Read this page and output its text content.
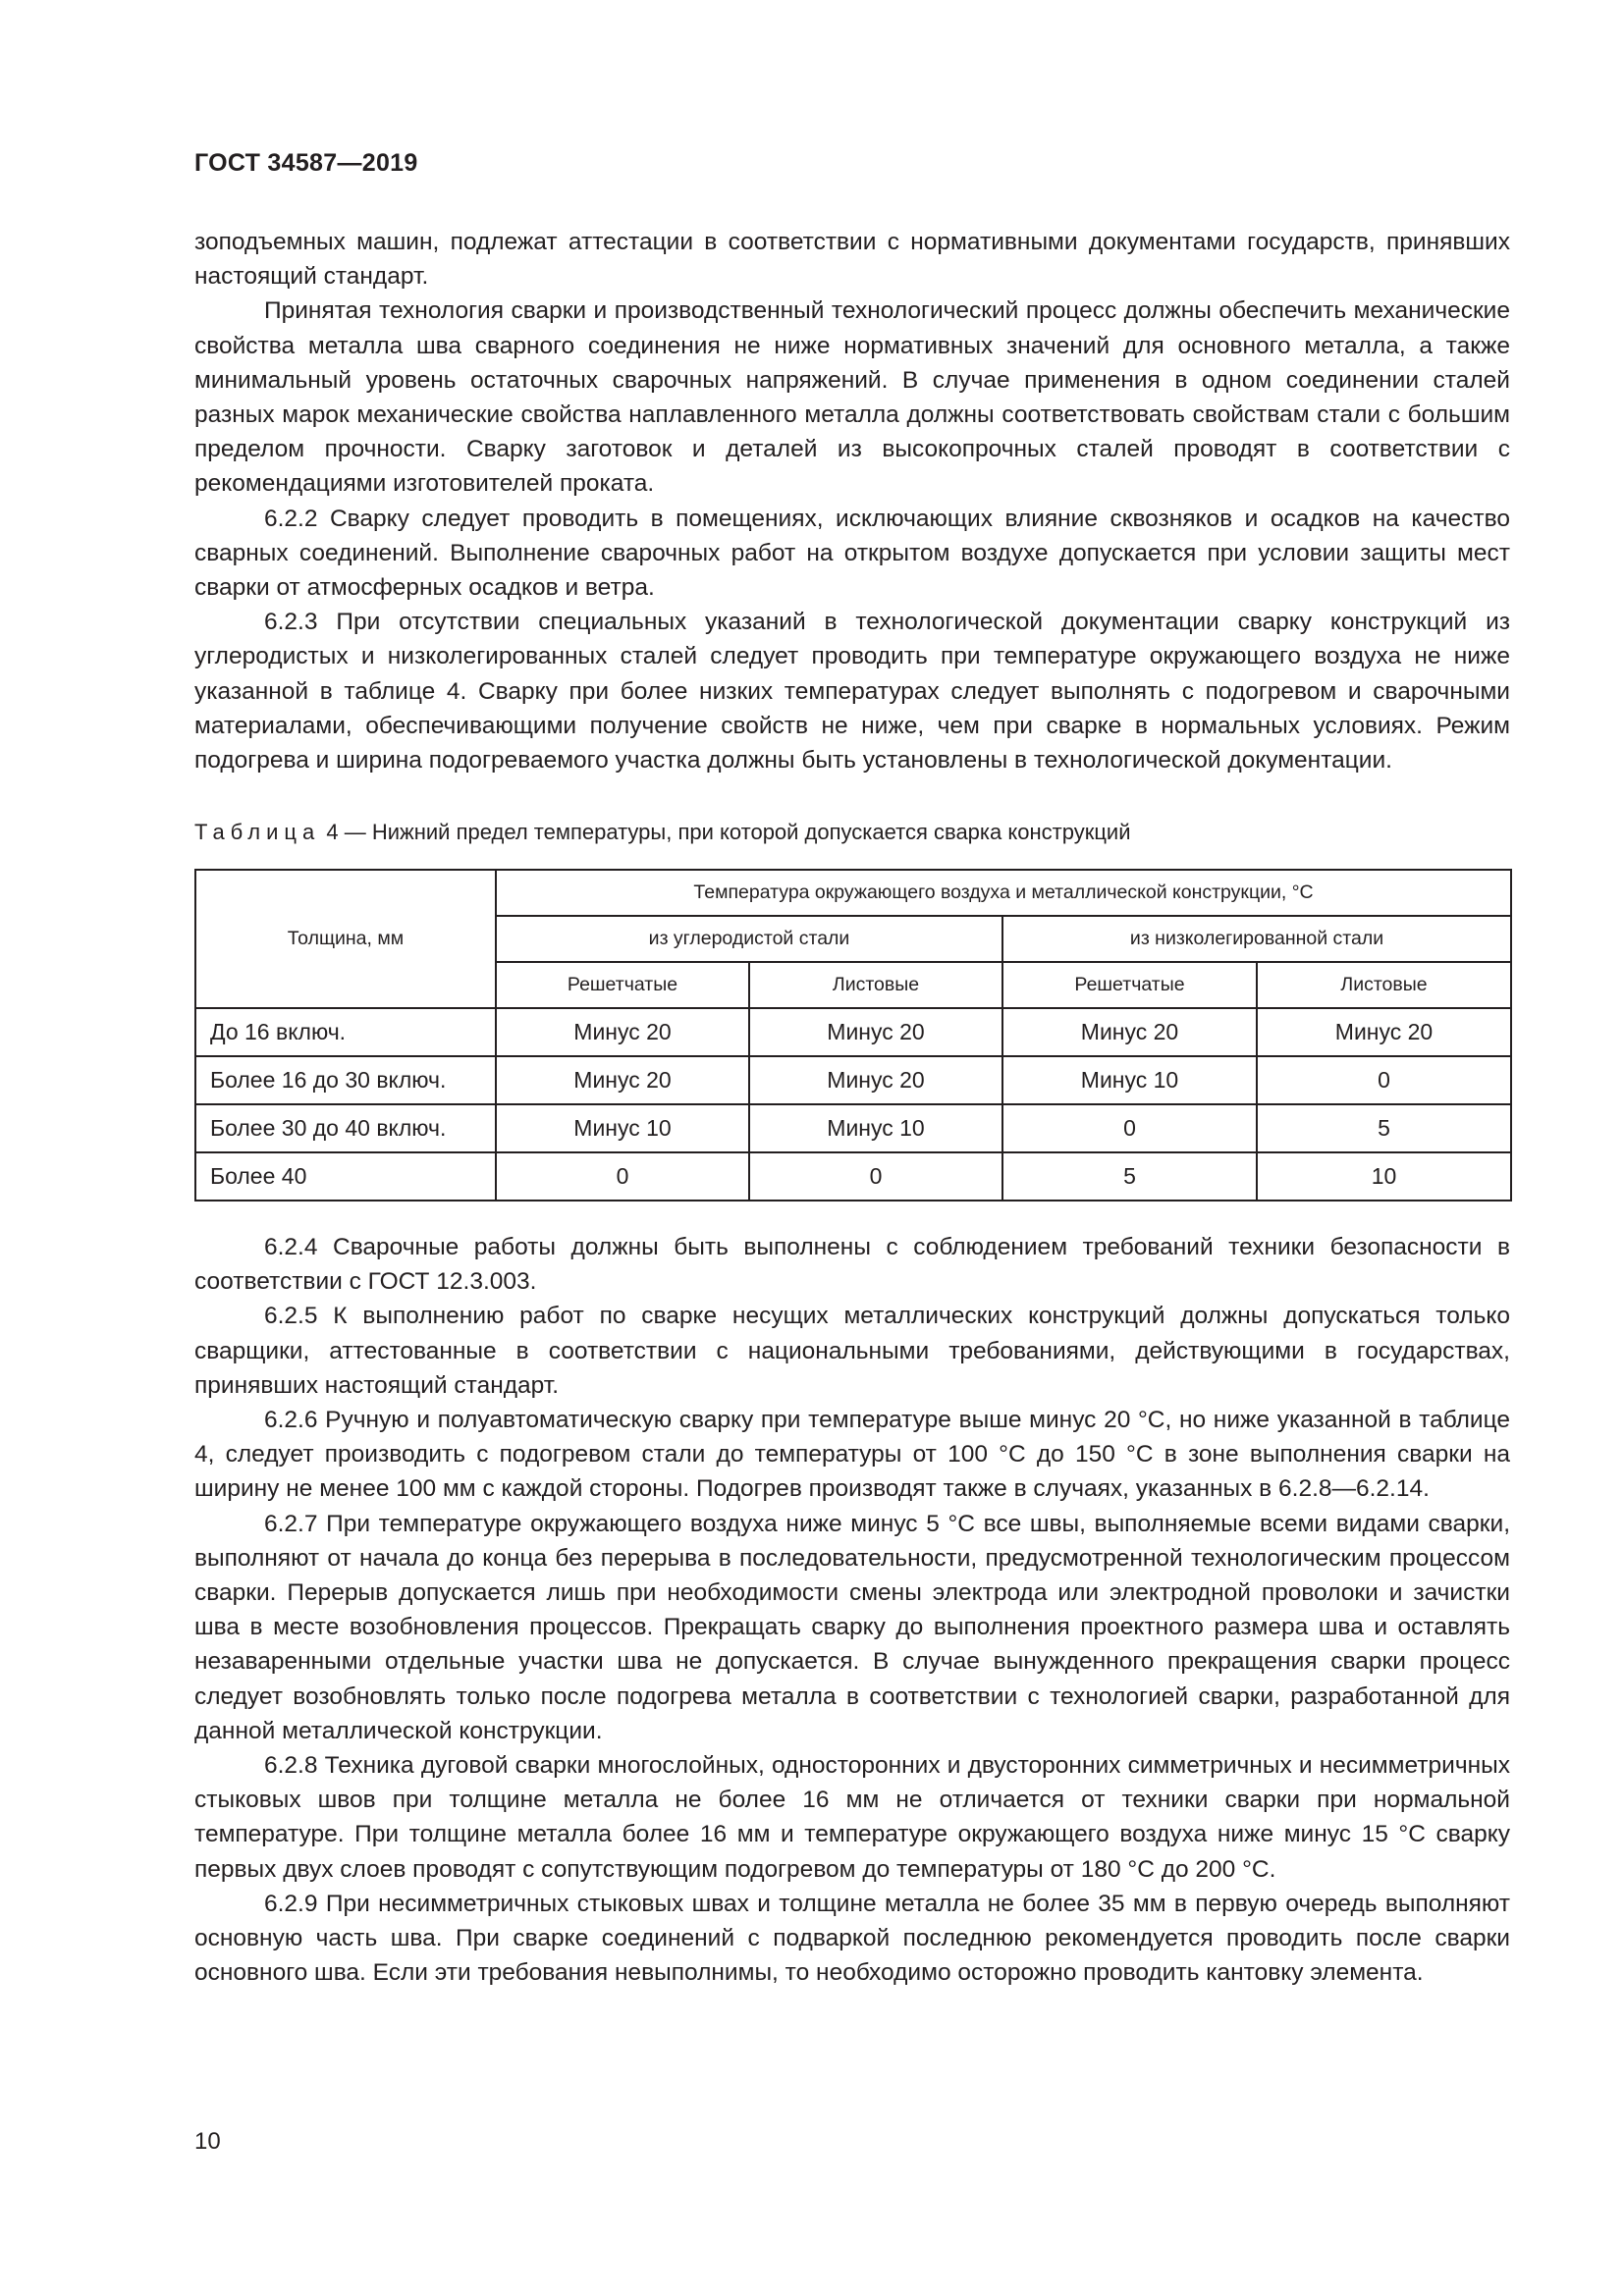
ГОСТ 34587—2019

зоподъемных машин, подлежат аттестации в соответствии с нормативными документами государств, принявших настоящий стандарт.

Принятая технология сварки и производственный технологический процесс должны обеспечить механические свойства металла шва сварного соединения не ниже нормативных значений для основного металла, а также минимальный уровень остаточных сварочных напряжений. В случае применения в одном соединении сталей разных марок механические свойства наплавленного металла должны соответствовать свойствам стали с большим пределом прочности. Сварку заготовок и деталей из высокопрочных сталей проводят в соответствии с рекомендациями изготовителей проката.

6.2.2 Сварку следует проводить в помещениях, исключающих влияние сквозняков и осадков на качество сварных соединений. Выполнение сварочных работ на открытом воздухе допускается при условии защиты мест сварки от атмосферных осадков и ветра.

6.2.3 При отсутствии специальных указаний в технологической документации сварку конструкций из углеродистых и низколегированных сталей следует проводить при температуре окружающего воздуха не ниже указанной в таблице 4. Сварку при более низких температурах следует выполнять с подогревом и сварочными материалами, обеспечивающими получение свойств не ниже, чем при сварке в нормальных условиях. Режим подогрева и ширина подогреваемого участка должны быть установлены в технологической документации.

Таблица 4 — Нижний предел температуры, при которой допускается сварка конструкций
Толщина, мм	Температура окружающего воздуха и металлической конструкции, °С			
	из углеродистой стали		из низколегированной стали	
	Решетчатые	Листовые	Решетчатые	Листовые
До 16 включ.	Минус 20	Минус 20	Минус 20	Минус 20
Более 16 до 30 включ.	Минус 20	Минус 20	Минус 10	0
Более 30 до 40 включ.	Минус 10	Минус 10	0	5
Более 40	0	0	5	10

6.2.4 Сварочные работы должны быть выполнены с соблюдением требований техники безопасности в соответствии с ГОСТ 12.3.003.

6.2.5 К выполнению работ по сварке несущих металлических конструкций должны допускаться только сварщики, аттестованные в соответствии с национальными требованиями, действующими в государствах, принявших настоящий стандарт.

6.2.6 Ручную и полуавтоматическую сварку при температуре выше минус 20 °С, но ниже указанной в таблице 4, следует производить с подогревом стали до температуры от 100 °С до 150 °С в зоне выполнения сварки на ширину не менее 100 мм с каждой стороны. Подогрев производят также в случаях, указанных в 6.2.8—6.2.14.

6.2.7 При температуре окружающего воздуха ниже минус 5 °С все швы, выполняемые всеми видами сварки, выполняют от начала до конца без перерыва в последовательности, предусмотренной технологическим процессом сварки. Перерыв допускается лишь при необходимости смены электрода или электродной проволоки и зачистки шва в месте возобновления процессов. Прекращать сварку до выполнения проектного размера шва и оставлять незаваренными отдельные участки шва не допускается. В случае вынужденного прекращения сварки процесс следует возобновлять только после подогрева металла в соответствии с технологией сварки, разработанной для данной металлической конструкции.

6.2.8 Техника дуговой сварки многослойных, односторонних и двусторонних симметричных и несимметричных стыковых швов при толщине металла не более 16 мм не отличается от техники сварки при нормальной температуре. При толщине металла более 16 мм и температуре окружающего воздуха ниже минус 15 °С сварку первых двух слоев проводят с сопутствующим подогревом до температуры от 180 °С до 200 °С.

6.2.9 При несимметричных стыковых швах и толщине металла не более 35 мм в первую очередь выполняют основную часть шва. При сварке соединений с подваркой последнюю рекомендуется проводить после сварки основного шва. Если эти требования невыполнимы, то необходимо осторожно проводить кантовку элемента.

10
